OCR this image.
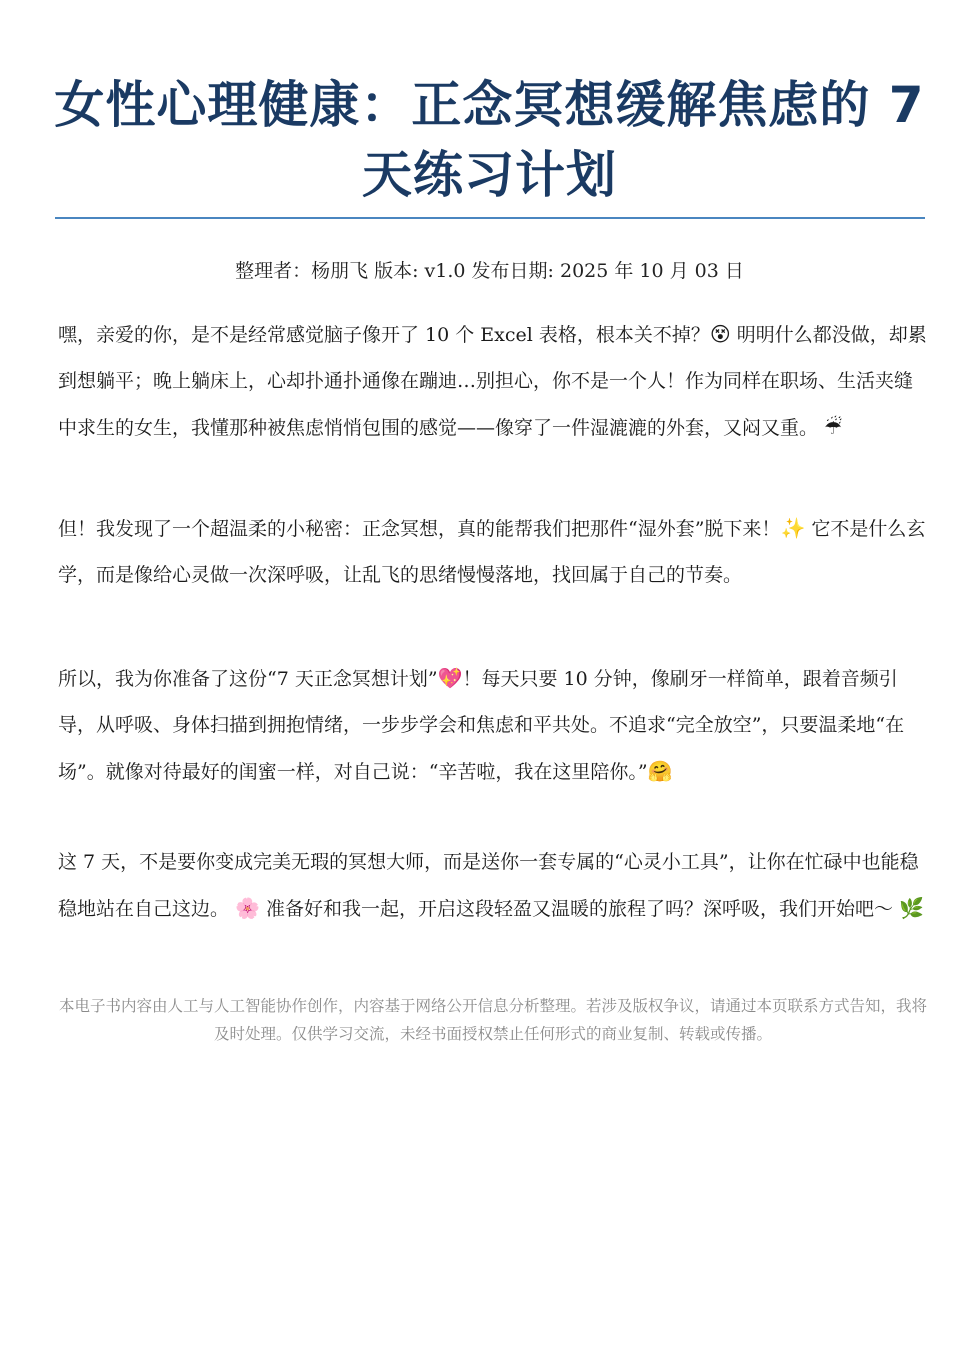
女性心理健康：正念冥想缓解焦虑的 7 天练习计划
整理者：杨朋飞 版本: v1.0 发布日期: 2025 年 10 月 03 日

嘿，亲爱的你，是不是经常感觉脑子像开了 10 个 Excel 表格，根本关不掉？😵 明明什么都没做，却累到想躺平；晚上躺床上，心却扑通扑通像在蹦迪…别担心，你不是一个人！作为同样在职场、生活夹缝中求生的女生，我懂那种被焦虑悄悄包围的感觉——像穿了一件湿漉漉的外套，又闷又重。 ☔

但！我发现了一个超温柔的小秘密：正念冥想，真的能帮我们把那件“湿外套”脱下来！✨ 它不是什么玄学，而是像给心灵做一次深呼吸，让乱飞的思绪慢慢落地，找回属于自己的节奏。

所以，我为你准备了这份“7 天正念冥想计划”💖！每天只要 10 分钟，像刷牙一样简单，跟着音频引导，从呼吸、身体扫描到拥抱情绪，一步步学会和焦虑和平共处。不追求“完全放空”，只要温柔地“在场”。就像对待最好的闺蜜一样，对自己说：“辛苦啦，我在这里陪你。”🤗

这 7 天，不是要你变成完美无瑕的冥想大师，而是送你一套专属的“心灵小工具”，让你在忙碌中也能稳稳地站在自己这边。 🌸 准备好和我一起，开启这段轻盈又温暖的旅程了吗？深呼吸，我们开始吧～ 🌿

本电子书内容由人工与人工智能协作创作，内容基于网络公开信息分析整理。若涉及版权争议，请通过本页联系方式告知，我将及时处理。仅供学习交流，未经书面授权禁止任何形式的商业复制、转载或传播。
